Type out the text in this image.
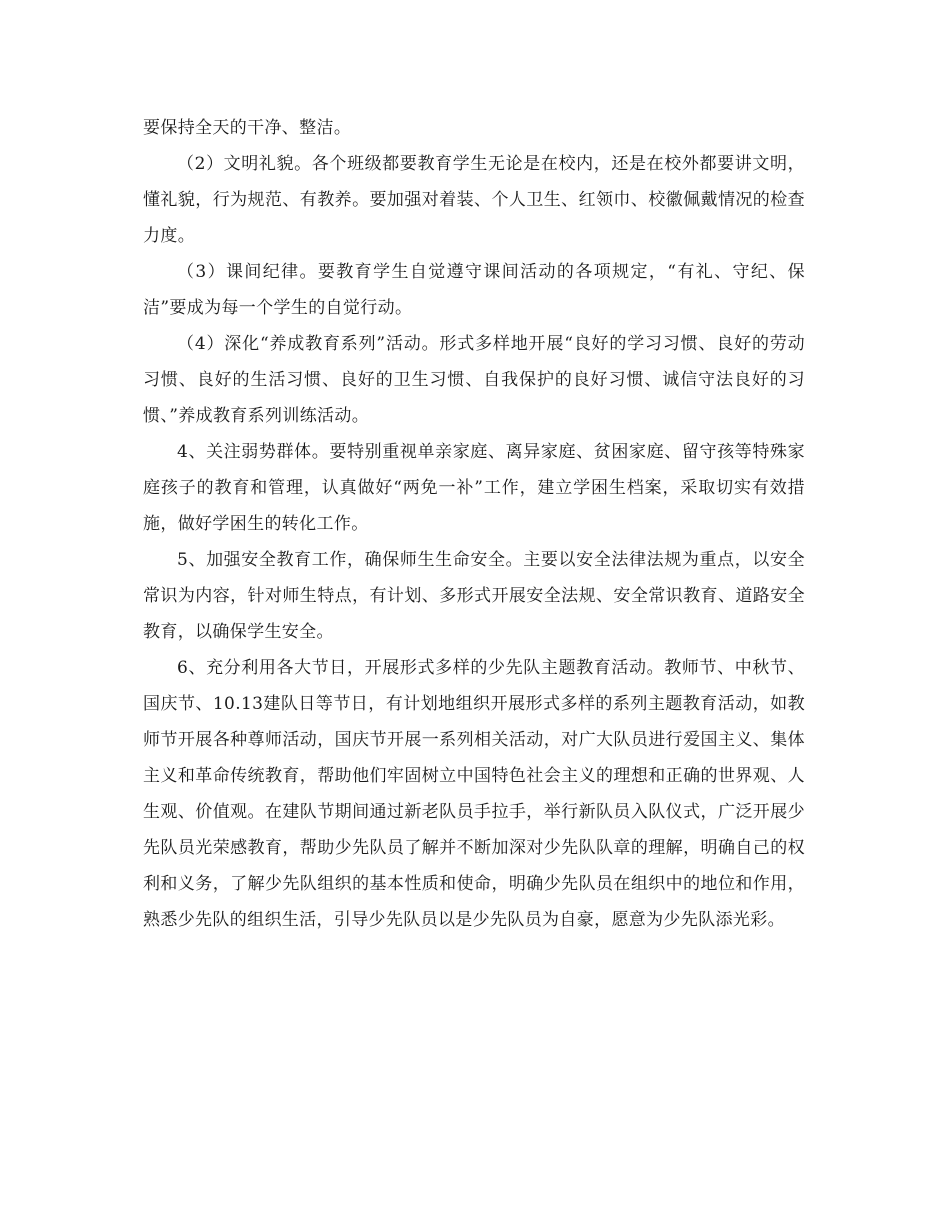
要保持全天的干净、整洁。

（2）文明礼貌。各个班级都要教育学生无论是在校内，还是在校外都要讲文明，懂礼貌，行为规范、有教养。要加强对着装、个人卫生、红领巾、校徽佩戴情况的检查力度。

（3）课间纪律。要教育学生自觉遵守课间活动的各项规定，“有礼、守纪、保洁”要成为每一个学生的自觉行动。

（4）深化“养成教育系列”活动。形式多样地开展“良好的学习习惯、良好的劳动习惯、良好的生活习惯、良好的卫生习惯、自我保护的良好习惯、诚信守法良好的习惯、”养成教育系列训练活动。

4、关注弱势群体。要特别重视单亲家庭、离异家庭、贫困家庭、留守孩等特殊家庭孩子的教育和管理，认真做好“两免一补”工作，建立学困生档案，采取切实有效措施，做好学困生的转化工作。

5、加强安全教育工作，确保师生生命安全。主要以安全法律法规为重点，以安全常识为内容，针对师生特点，有计划、多形式开展安全法规、安全常识教育、道路安全教育，以确保学生安全。

6、充分利用各大节日，开展形式多样的少先队主题教育活动。教师节、中秋节、国庆节、10.13建队日等节日，有计划地组织开展形式多样的系列主题教育活动，如教师节开展各种尊师活动，国庆节开展一系列相关活动，对广大队员进行爱国主义、集体主义和革命传统教育，帮助他们牢固树立中国特色社会主义的理想和正确的世界观、人生观、价值观。在建队节期间通过新老队员手拉手，举行新队员入队仪式，广泛开展少先队员光荣感教育，帮助少先队员了解并不断加深对少先队队章的理解，明确自己的权利和义务，了解少先队组织的基本性质和使命，明确少先队员在组织中的地位和作用，熟悉少先队的组织生活，引导少先队员以是少先队员为自豪，愿意为少先队添光彩。
